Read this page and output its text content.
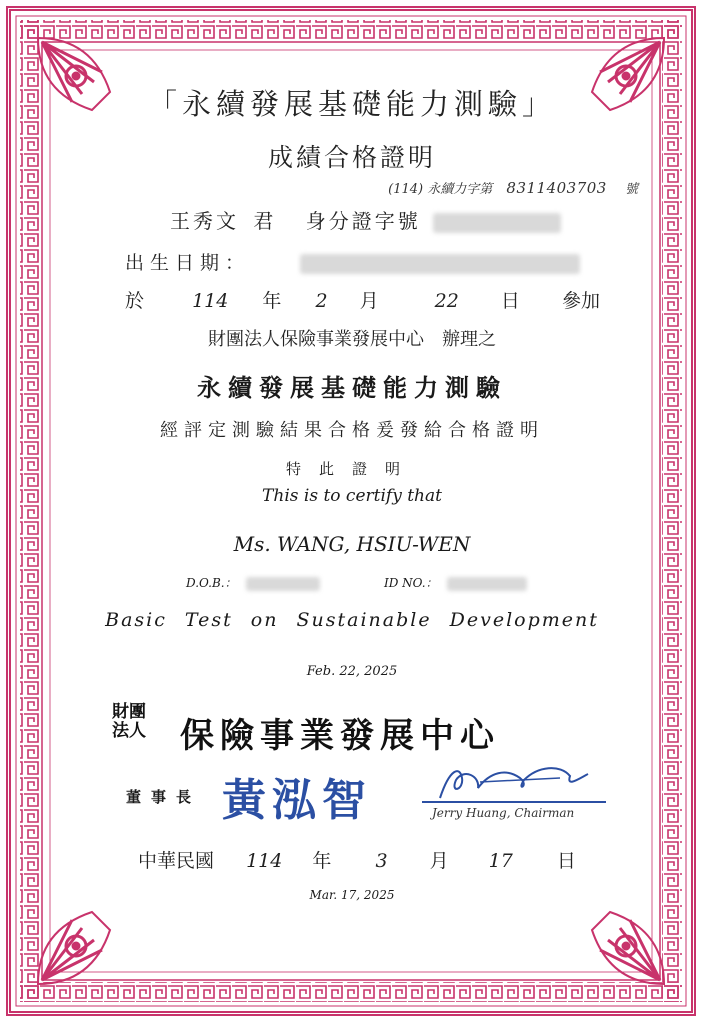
「永續發展基礎能力測驗」
成績合格證明
(114) 永續力字第 8311403703 號
王秀文 君 身分證字號
出生日期：
於	114 年 2 月	22 日 參加
財團法人保險事業發展中心　辦理之
永續發展基礎能力測驗
經評定測驗結果合格爰發給合格證明
特此證明
This is to certify that
Ms. WANG, HSIU-WEN
D.O.B.：	ID NO.：
Basic Test on Sustainable Development
Feb. 22, 2025
財團
法人 保險事業發展中心
董事長 黃泓智	Jerry Huang, Chairman
中華民國 114 年 3 月 17 日
Mar. 17, 2025
